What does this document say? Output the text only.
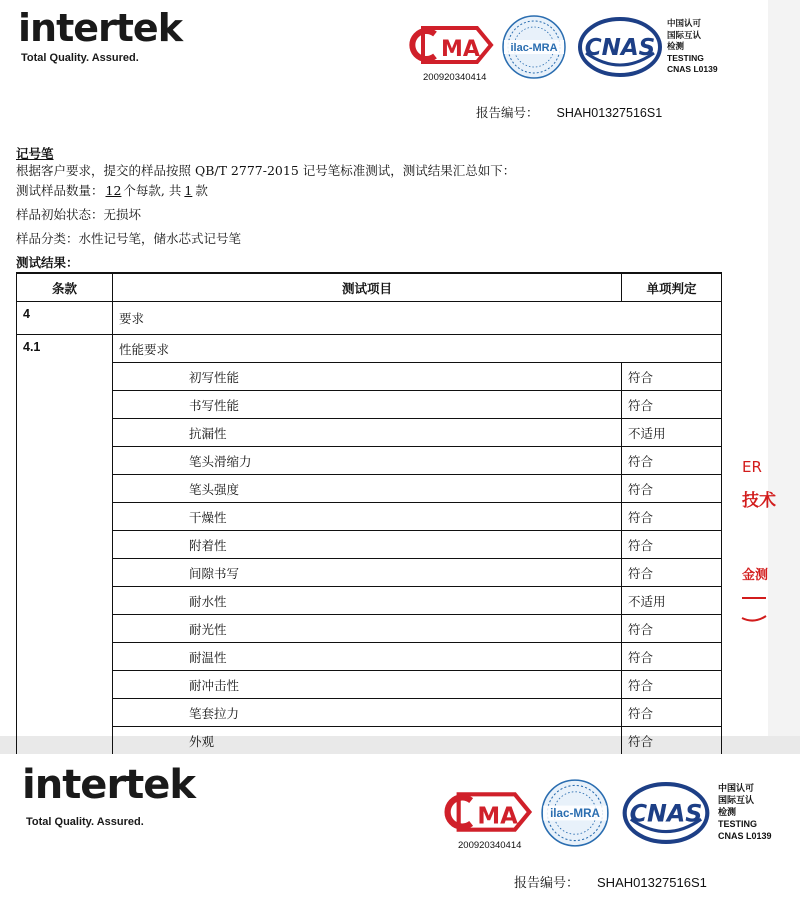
intertek
Total Quality. Assured.	MA
200920340414
ilac-MRA CNAS
中国认可
国际互认
检测
TESTING
CNAS L0139
报告编号： SHAH01327516S1
记号笔
根据客户要求，提交的样品按照 QB/T 2777-2015 记号笔标准测试，测试结果汇总如下：
测试样品数量： 12 个每款, 共 1 款
样品初始状态：无损坏
样品分类：水性记号笔，储水芯式记号笔
测试结果：
条款	测试项目	单项判定
4	要求	
4.1	性能要求	
	初写性能	符合
	书写性能	符合
	抗漏性	不适用
	笔头滑缩力	符合
	笔头强度	符合
	干燥性	符合
	附着性	符合
	间隙书写	符合
	耐水性	不适用
	耐光性	符合
	耐温性	符合
	耐冲击性	符合
	笔套拉力	符合
	外观	符合
ER
技术
金测
intertek
Total Quality. Assured.	MA
200920340414
ilac-MRA CNAS
中国认可
国际互认
检测
TESTING
CNAS L0139
报告编号： SHAH01327516S1
